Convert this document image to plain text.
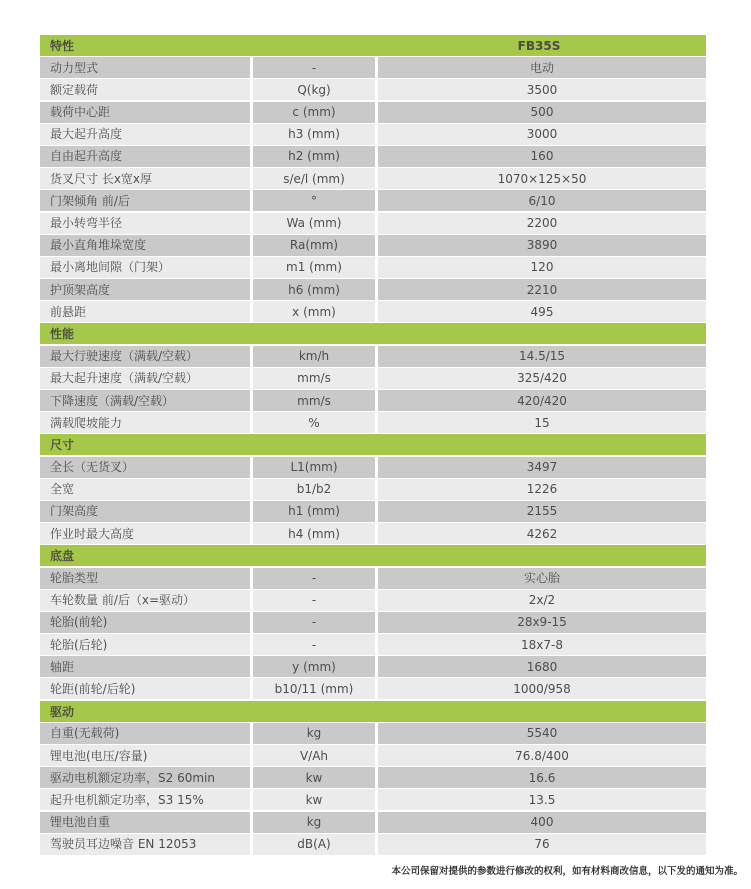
特性	FB35S
动力型式	-	电动
额定载荷	Q(kg)	3500
载荷中心距	c (mm)	500
最大起升高度	h3 (mm)	3000
自由起升高度	h2 (mm)	160
货叉尺寸 长x宽x厚	s/e/l (mm)	1070×125×50
门架倾角 前/后	°	6/10
最小转弯半径	Wa (mm)	2200
最小直角堆垛宽度	Ra(mm)	3890
最小离地间隙（门架）	m1 (mm)	120
护顶架高度	h6 (mm)	2210
前悬距	x (mm)	495
性能
最大行驶速度（满载/空载）	km/h	14.5/15
最大起升速度（满载/空载）	mm/s	325/420
下降速度（满载/空载）	mm/s	420/420
满载爬坡能力	%	15
尺寸
全长（无货叉）	L1(mm)	3497
全宽	b1/b2	1226
门架高度	h1 (mm)	2155
作业时最大高度	h4 (mm)	4262
底盘
轮胎类型	-	实心胎
车轮数量 前/后（x=驱动）	-	2x/2
轮胎(前轮)	-	28x9-15
轮胎(后轮)	-	18x7-8
轴距	y (mm)	1680
轮距(前轮/后轮)	b10/11 (mm)	1000/958
驱动
自重(无载荷)	kg	5540
锂电池(电压/容量)	V/Ah	76.8/400
驱动电机额定功率，S2 60min	kw	16.6
起升电机额定功率，S3 15%	kw	13.5
锂电池自重	kg	400
驾驶员耳边噪音 EN 12053	dB(A)	76
本公司保留对提供的参数进行修改的权利，如有材料商改信息，以下发的通知为准。
